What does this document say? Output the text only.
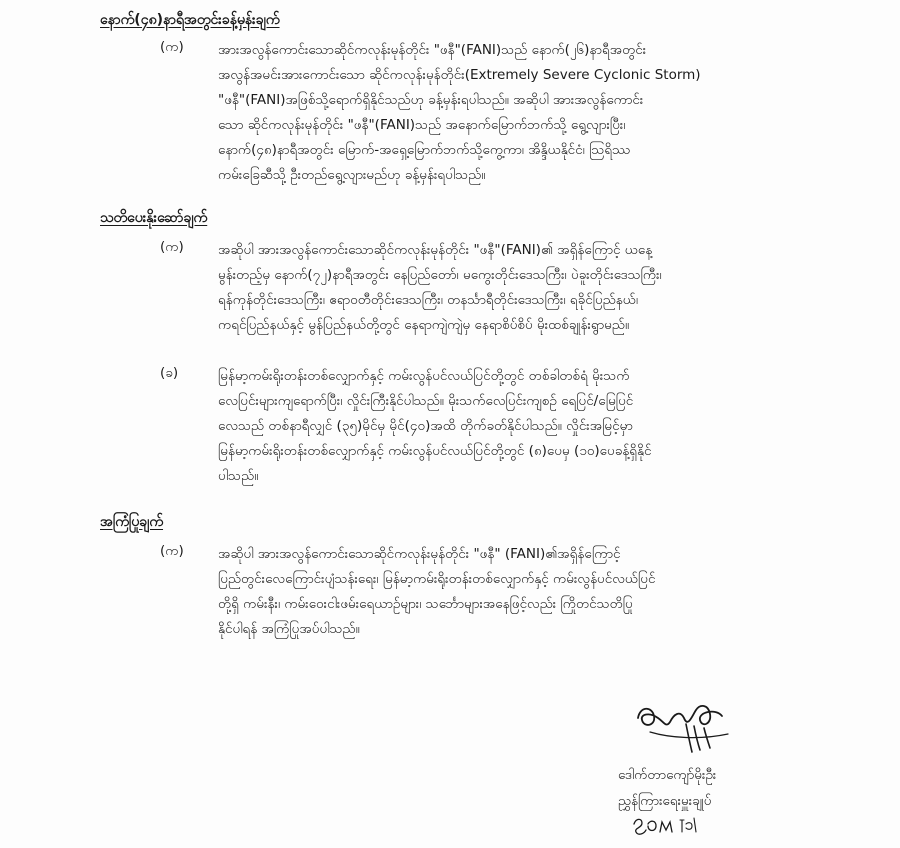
နောက်(၄၈)နာရီအတွင်းခန့်မှန်းချက်
(က)	အားအလွန်ကောင်းသောဆိုင်ကလုန်းမုန်တိုင်း "ဖနီ"(FANI)သည် နောက်(၂၆)နာရီအတွင်း
အလွန်အမင်းအားကောင်းသော ဆိုင်ကလုန်းမုန်တိုင်း(Extremely Severe Cyclonic Storm)
"ဖနီ"(FANI)အဖြစ်သို့ရောက်ရှိနိုင်သည်ဟု ခန့်မှန်းရပါသည်။ အဆိုပါ အားအလွန်ကောင်း
သော ဆိုင်ကလုန်းမုန်တိုင်း "ဖနီ"(FANI)သည် အနောက်မြောက်ဘက်သို့ ရွေ့လျားပြီး၊
နောက်(၄၈)နာရီအတွင်း မြောက်-အရှေ့မြောက်ဘက်သို့ကွေ့ကာ၊ အိန္ဒိယနိုင်ငံ၊ သြရိဿ
ကမ်းခြေဆီသို့ ဦးတည်ရွေ့လျားမည်ဟု ခန့်မှန်းရပါသည်။
သတိပေးနိုးဆော်ချက်
(က)	အဆိုပါ အားအလွန်ကောင်းသောဆိုင်ကလုန်းမုန်တိုင်း "ဖနီ"(FANI)၏ အရှိန်ကြောင့် ယနေ့
မွန်းတည့်မှ နောက်(၇၂)နာရီအတွင်း နေပြည်တော်၊ မကွေးတိုင်းဒေသကြီး၊ ပဲခူးတိုင်းဒေသကြီး၊
ရန်ကုန်တိုင်းဒေသကြီး၊ ဧရာဝတီတိုင်းဒေသကြီး၊ တနင်္သာရီတိုင်းဒေသကြီး၊ ရခိုင်ပြည်နယ်၊
ကရင်ပြည်နယ်နှင့် မွန်ပြည်နယ်တို့တွင် နေရာကျဲကျဲမှ နေရာစိပ်စိပ် မိုးထစ်ချုန်းရွာမည်။
(ခ)	မြန်မာ့ကမ်းရိုးတန်းတစ်လျှောက်နှင့် ကမ်းလွန်ပင်လယ်ပြင်တို့တွင် တစ်ခါတစ်ရံ မိုးသက်
လေပြင်းများကျရောက်ပြီး၊ လှိုင်းကြီးနိုင်ပါသည်။ မိုးသက်လေပြင်းကျစဉ် ရေပြင်/မြေပြင်
လေသည် တစ်နာရီလျှင် (၃၅)မိုင်မှ မိုင်(၄၀)အထိ တိုက်ခတ်နိုင်ပါသည်။ လှိုင်းအမြင့်မှာ
မြန်မာ့ကမ်းရိုးတန်းတစ်လျှောက်နှင့် ကမ်းလွန်ပင်လယ်ပြင်တို့တွင် (၈)ပေမှ (၁၀)ပေခန့်ရှိနိုင်
ပါသည်။
အကြံပြုချက်
(က)	အဆိုပါ အားအလွန်ကောင်းသောဆိုင်ကလုန်းမုန်တိုင်း "ဖနီ" (FANI)၏အရှိန်ကြောင့်
ပြည်တွင်းလေကြောင်းပျံသန်းရေး၊ မြန်မာ့ကမ်းရိုးတန်းတစ်လျှောက်နှင့် ကမ်းလွန်ပင်လယ်ပြင်
တို့ရှိ ကမ်းနီး၊ ကမ်းဝေးငါးဖမ်းရေယာဉ်များ၊ သင်္ဘောများအနေဖြင့်လည်း ကြိုတင်သတိပြု
နိုင်ပါရန် အကြံပြုအပ်ပါသည်။
ဒေါက်တာကျော်မိုးဦး
ညွှန်ကြားရေးမှူးချုပ်
